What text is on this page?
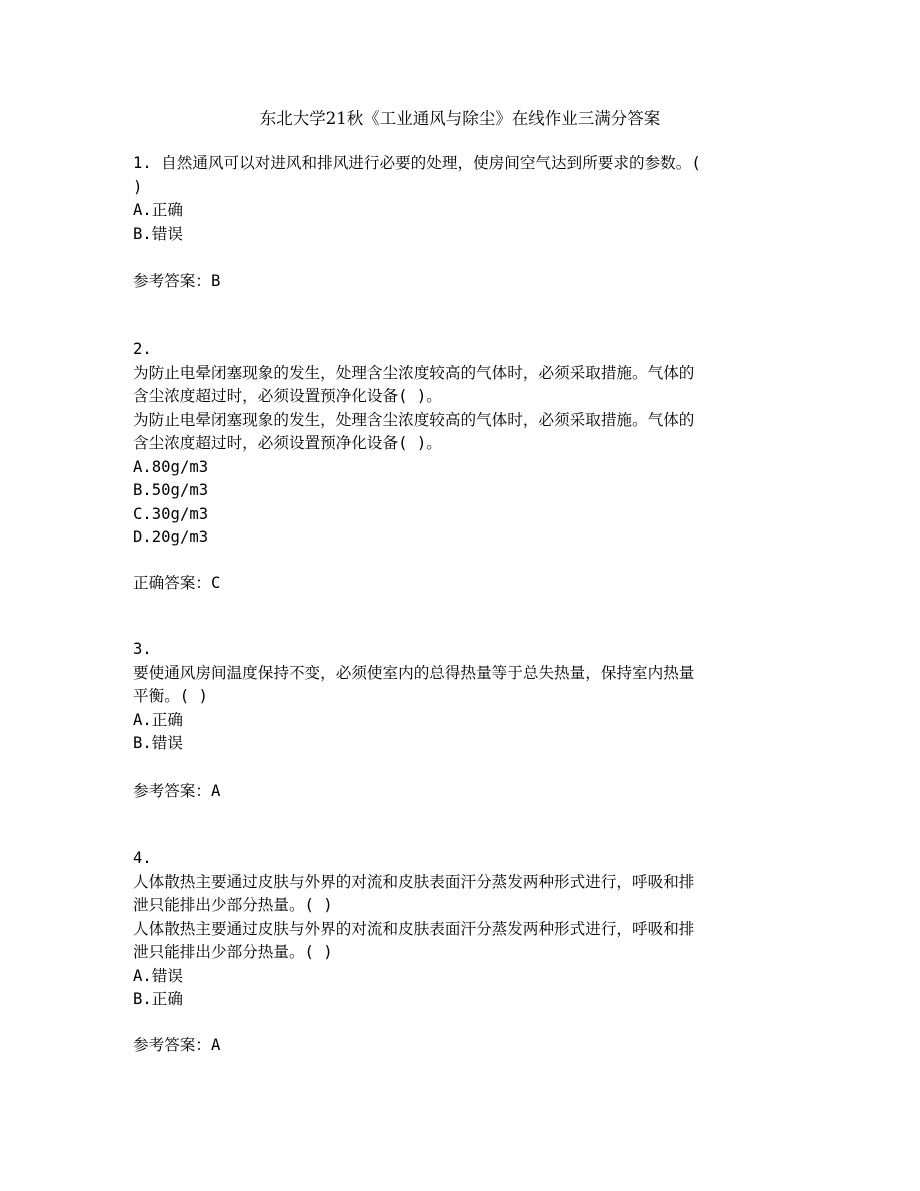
东北大学21秋《工业通风与除尘》在线作业三满分答案
1. 自然通风可以对进风和排风进行必要的处理，使房间空气达到所要求的参数。(
)
A.正确
B.错误
参考答案：B
2.
为防止电晕闭塞现象的发生，处理含尘浓度较高的气体时，必须采取措施。气体的
含尘浓度超过时，必须设置预净化设备( )。
为防止电晕闭塞现象的发生，处理含尘浓度较高的气体时，必须采取措施。气体的
含尘浓度超过时，必须设置预净化设备( )。
A.80g/m3
B.50g/m3
C.30g/m3
D.20g/m3
正确答案：C
3.
要使通风房间温度保持不变，必须使室内的总得热量等于总失热量，保持室内热量
平衡。( )
A.正确
B.错误
参考答案：A
4.
人体散热主要通过皮肤与外界的对流和皮肤表面汗分蒸发两种形式进行，呼吸和排
泄只能排出少部分热量。( )
人体散热主要通过皮肤与外界的对流和皮肤表面汗分蒸发两种形式进行，呼吸和排
泄只能排出少部分热量。( )
A.错误
B.正确
参考答案：A
